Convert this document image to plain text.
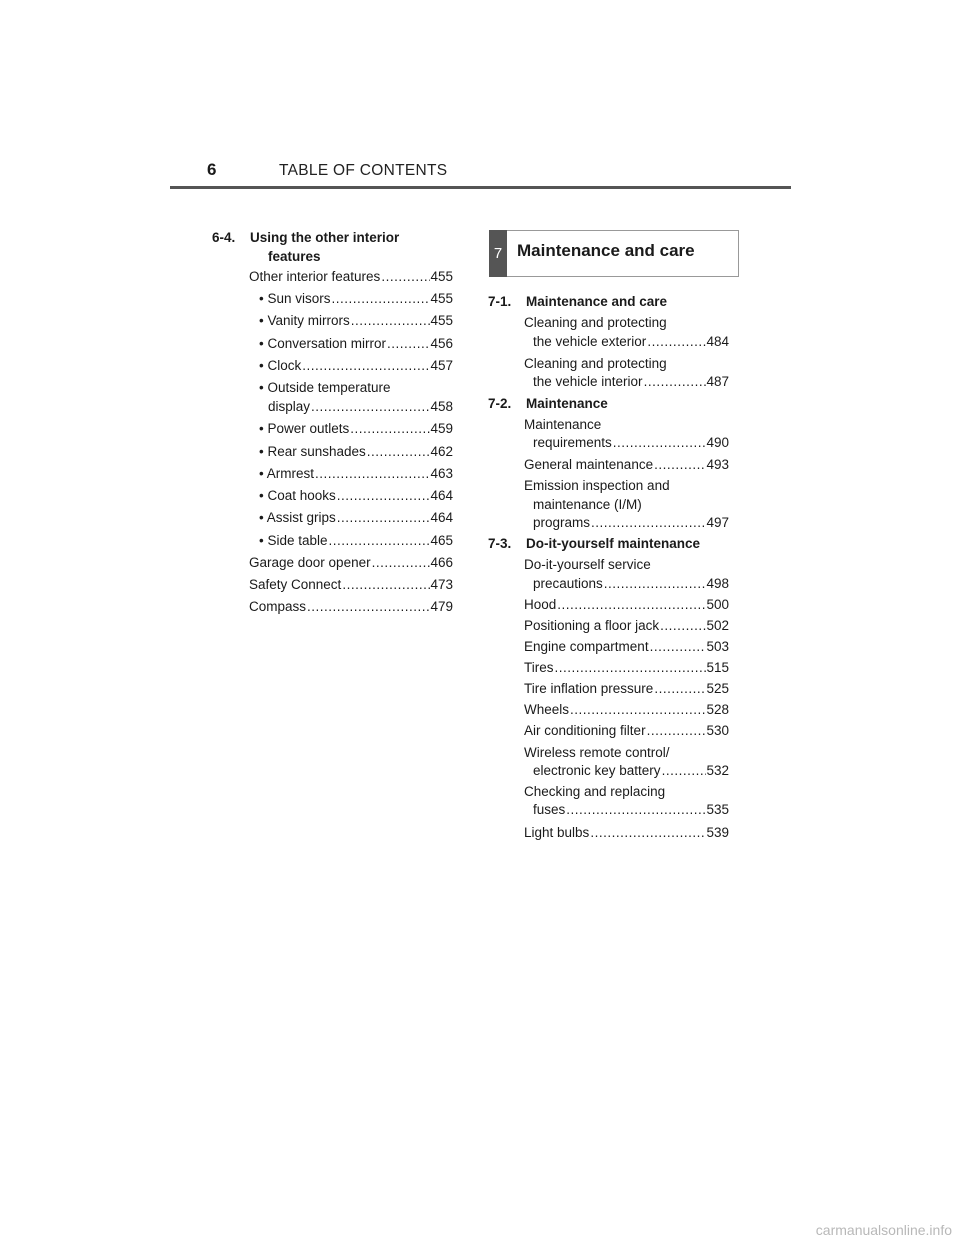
6	TABLE OF CONTENTS
6-4. Using the other interior
features
Other interior features .....	455
• Sun visors .....	455
• Vanity mirrors .....	455
• Conversation mirror .....	456
• Clock .....	457
• Outside temperature
display .....	458
• Power outlets .....	459
• Rear sunshades .....	462
• Armrest .....	463
• Coat hooks .....	464
• Assist grips .....	464
• Side table .....	465
Garage door opener .....	466
Safety Connect .....	473
Compass .....	479
7 Maintenance and care
7-1. Maintenance and care
Cleaning and protecting
the vehicle exterior .....	484
Cleaning and protecting
the vehicle interior .....	487
7-2. Maintenance
Maintenance
requirements .....	490
General maintenance .....	493
Emission inspection and
maintenance (I/M)
programs .....	497
7-3. Do-it-yourself maintenance
Do-it-yourself service
precautions .....	498
Hood .....	500
Positioning a floor jack .....	502
Engine compartment .....	503
Tires .....	515
Tire inflation pressure .....	525
Wheels .....	528
Air conditioning filter .....	530
Wireless remote control/
electronic key battery .....	532
Checking and replacing
fuses .....	535
Light bulbs .....	539
carmanualsonline.info
